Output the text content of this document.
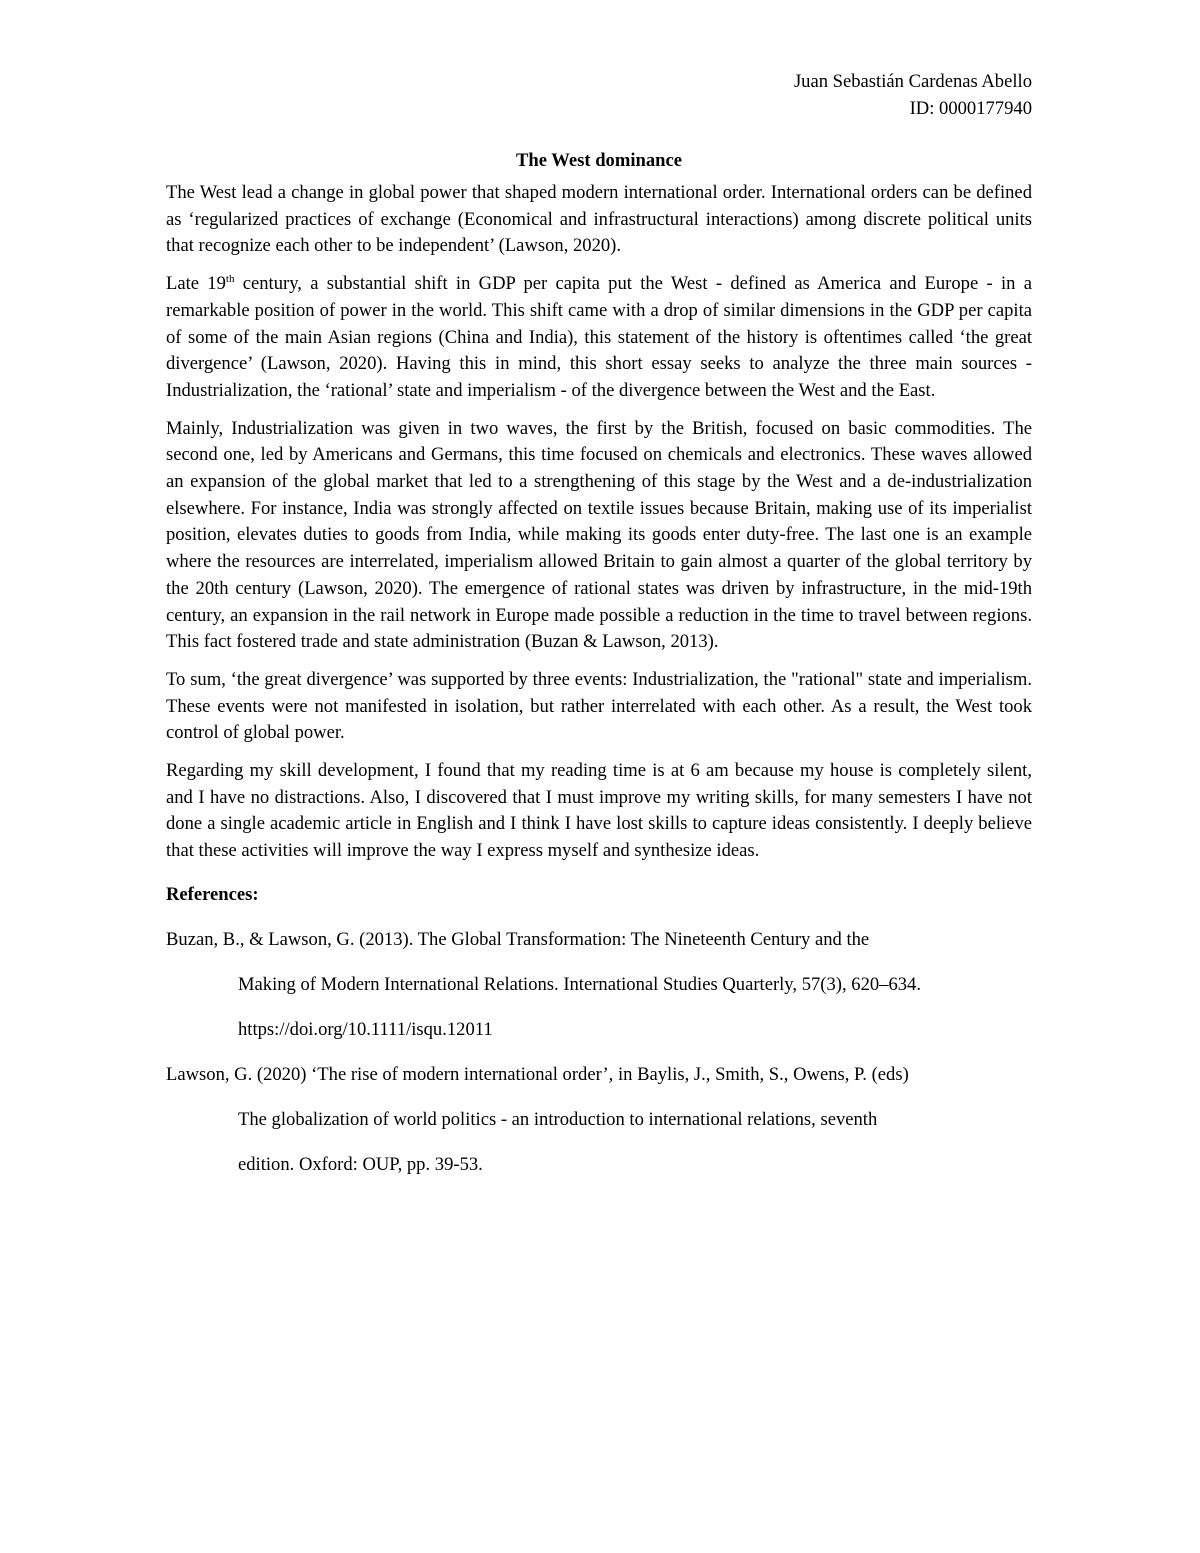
Juan Sebastián Cardenas Abello
ID: 0000177940
The West dominance
The West lead a change in global power that shaped modern international order. International orders can be defined as ‘regularized practices of exchange (Economical and infrastructural interactions) among discrete political units that recognize each other to be independent’ (Lawson, 2020).
Late 19th century, a substantial shift in GDP per capita put the West - defined as America and Europe - in a remarkable position of power in the world. This shift came with a drop of similar dimensions in the GDP per capita of some of the main Asian regions (China and India), this statement of the history is oftentimes called ‘the great divergence’ (Lawson, 2020). Having this in mind, this short essay seeks to analyze the three main sources - Industrialization, the ‘rational’ state and imperialism - of the divergence between the West and the East.
Mainly, Industrialization was given in two waves, the first by the British, focused on basic commodities. The second one, led by Americans and Germans, this time focused on chemicals and electronics. These waves allowed an expansion of the global market that led to a strengthening of this stage by the West and a de-industrialization elsewhere. For instance, India was strongly affected on textile issues because Britain, making use of its imperialist position, elevates duties to goods from India, while making its goods enter duty-free. The last one is an example where the resources are interrelated, imperialism allowed Britain to gain almost a quarter of the global territory by the 20th century (Lawson, 2020). The emergence of rational states was driven by infrastructure, in the mid-19th century, an expansion in the rail network in Europe made possible a reduction in the time to travel between regions. This fact fostered trade and state administration (Buzan & Lawson, 2013).
To sum, ‘the great divergence’ was supported by three events: Industrialization, the "rational" state and imperialism. These events were not manifested in isolation, but rather interrelated with each other. As a result, the West took control of global power.
Regarding my skill development, I found that my reading time is at 6 am because my house is completely silent, and I have no distractions. Also, I discovered that I must improve my writing skills, for many semesters I have not done a single academic article in English and I think I have lost skills to capture ideas consistently. I deeply believe that these activities will improve the way I express myself and synthesize ideas.
References:
Buzan, B., & Lawson, G. (2013). The Global Transformation: The Nineteenth Century and the
Making of Modern International Relations. International Studies Quarterly, 57(3), 620–634.
https://doi.org/10.1111/isqu.12011
Lawson, G. (2020) ‘The rise of modern international order’, in Baylis, J., Smith, S., Owens, P. (eds)
The globalization of world politics - an introduction to international relations, seventh
edition. Oxford: OUP, pp. 39-53.
